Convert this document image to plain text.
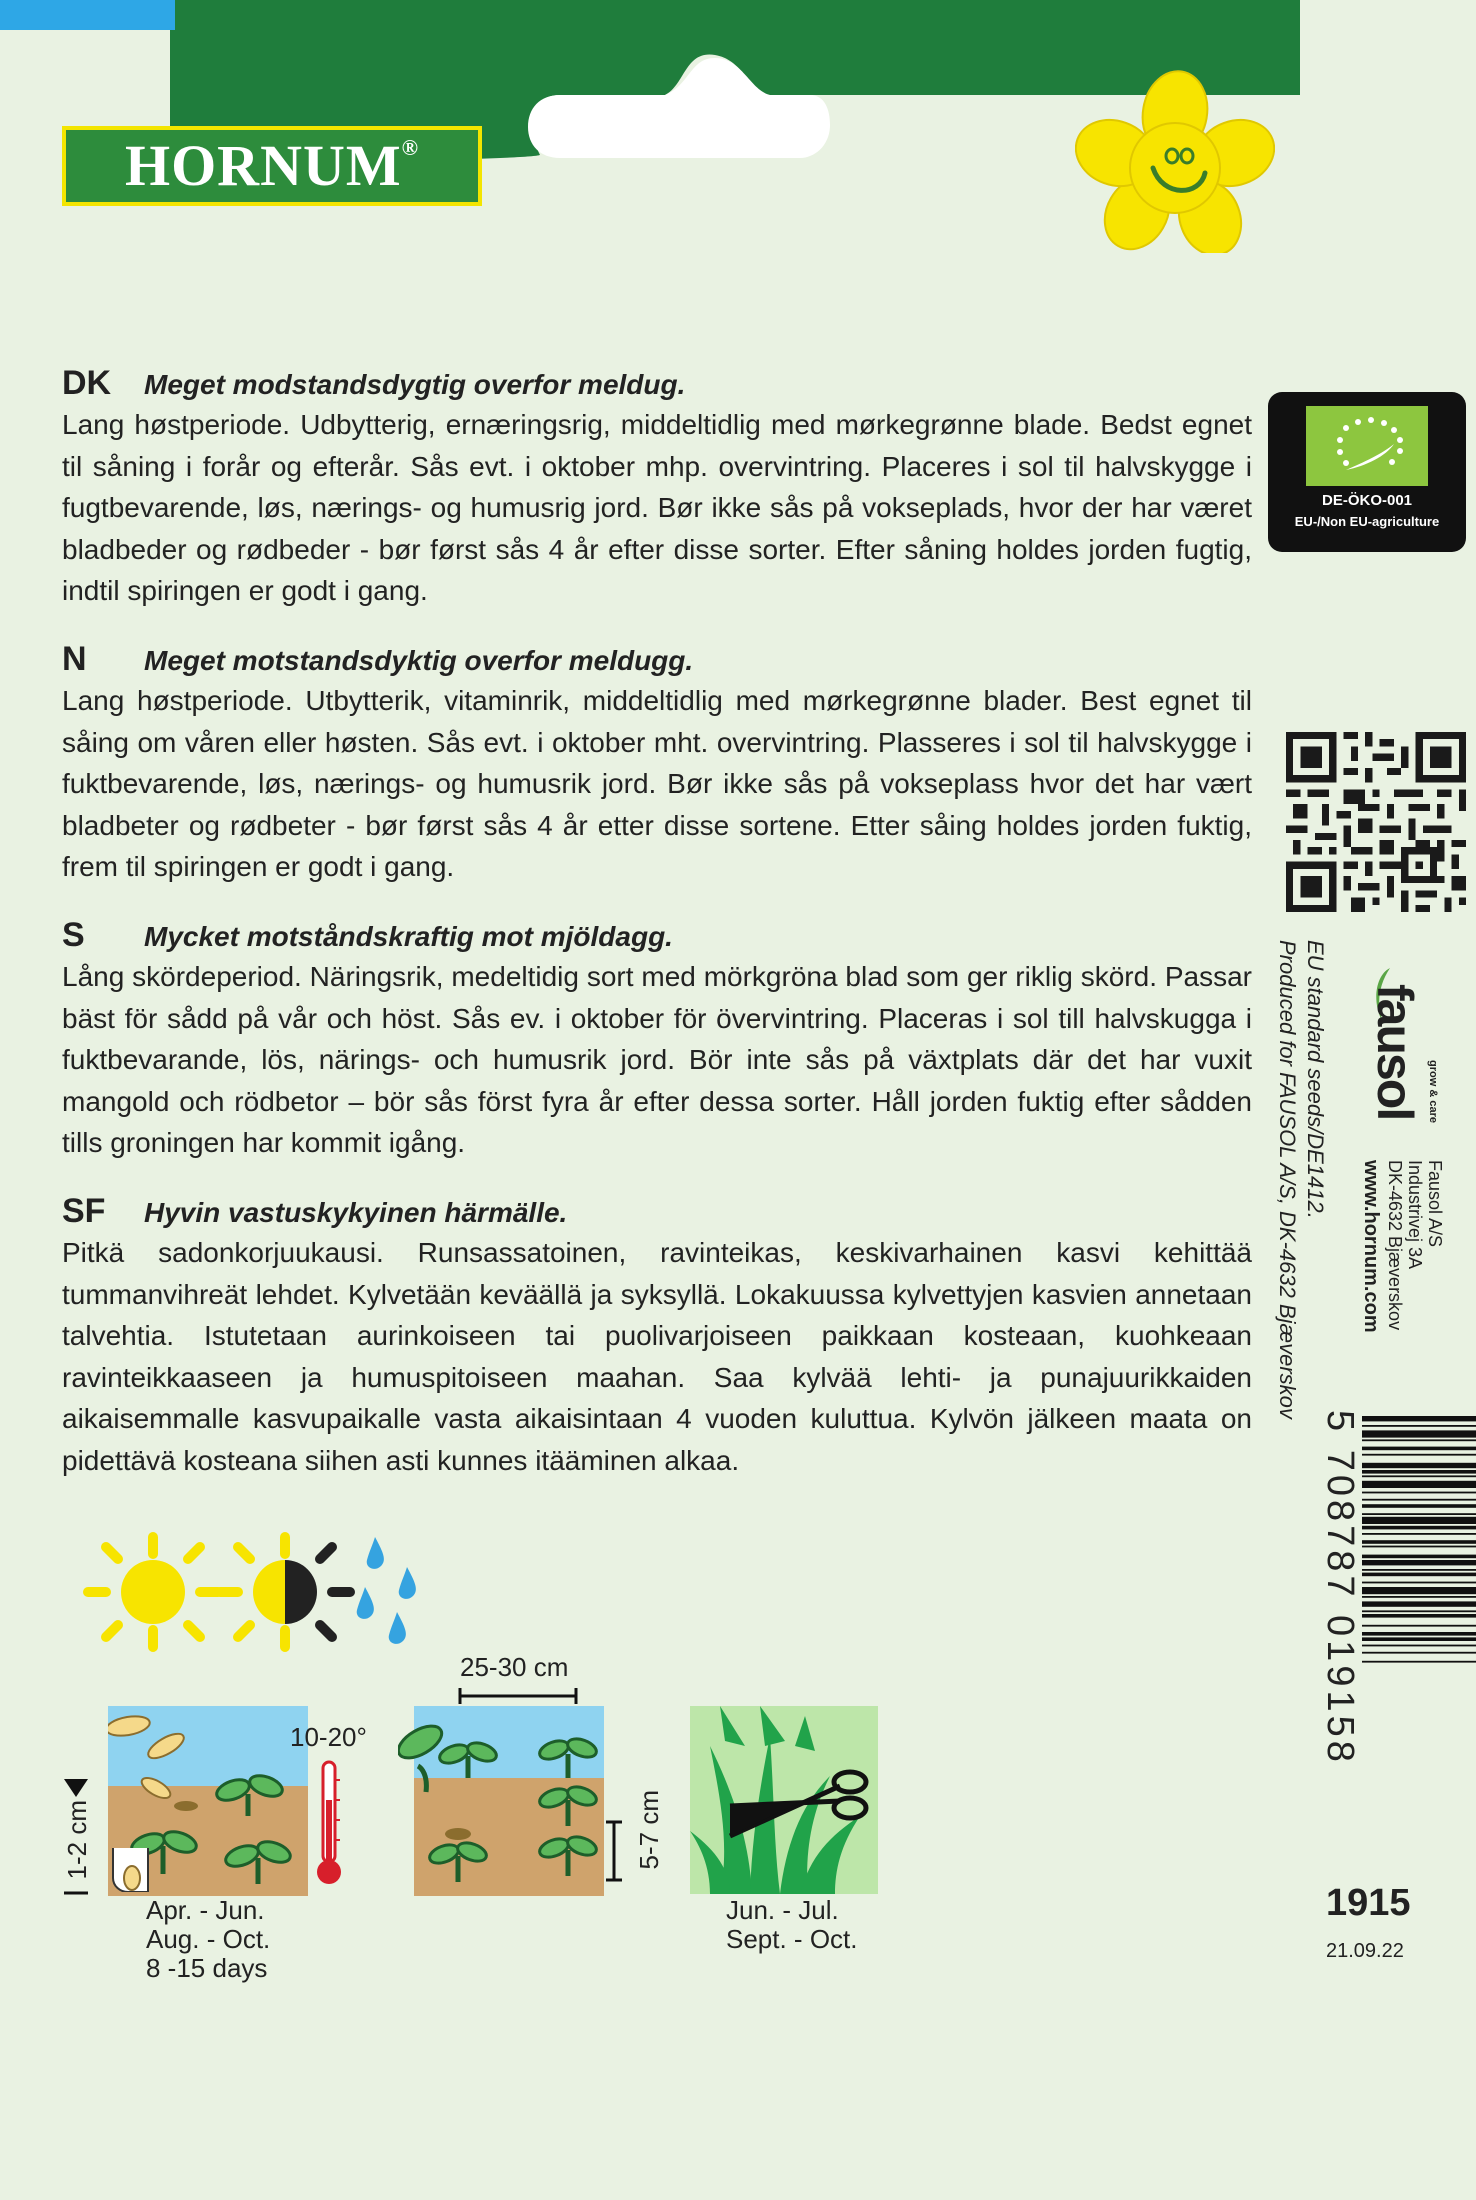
HORNUM®
DK	Meget modstandsdygtig overfor meldug.
Lang høstperiode. Udbytterig, ernæringsrig, middeltidlig med mørkegrønne blade. Bedst egnet til såning i forår og efterår. Sås evt. i oktober mhp. overvintring. Placeres i sol til halvskygge i fugtbevarende, løs, nærings- og humusrig jord. Bør ikke sås på vokseplads, hvor der har været bladbeder og rødbeder - bør først sås 4 år efter disse sorter. Efter såning holdes jorden fugtig, indtil spiringen er godt i gang.
N	Meget motstandsdyktig overfor meldugg.
Lang høstperiode. Utbytterik, vitaminrik, middeltidlig med mørkegrønne blader. Best egnet til såing om våren eller høsten. Sås evt. i oktober mht. overvintring. Plasseres i sol til halvskygge i fuktbevarende, løs, nærings- og humusrik jord. Bør ikke sås på vokseplass hvor det har vært bladbeter og rødbeter - bør først sås 4 år etter disse sortene. Etter såing holdes jorden fuktig, frem til spiringen er godt i gang.
S	Mycket motståndskraftig mot mjöldagg.
Lång skördeperiod. Näringsrik, medeltidig sort med mörkgröna blad som ger riklig skörd. Passar bäst för sådd på vår och höst. Sås ev. i oktober för övervintring. Placeras i sol till halvskugga i fuktbevarande, lös, närings- och humusrik jord. Bör inte sås på växtplats där det har vuxit mangold och rödbetor – bör sås först fyra år efter dessa sorter. Håll jorden fuktig efter sådden tills groningen har kommit igång.
SF	Hyvin vastuskykyinen härmälle.
Pitkä sadonkorjuukausi. Runsassatoinen, ravinteikas, keskivarhainen kasvi kehittää tummanvihreät lehdet. Kylvetään keväällä ja syksyllä. Lokakuussa kylvettyjen kasvien annetaan talvehtia. Istutetaan aurinkoiseen tai puolivarjoiseen paikkaan kosteaan, kuohkeaan ravinteikkaaseen ja humuspitoiseen maahan. Saa kylvää lehti- ja punajuurikkaiden aikaisemmalle kasvupaikalle vasta aikaisintaan 4 vuoden kuluttua. Kylvön jälkeen maata on pidettävä kosteana siihen asti kunnes itääminen alkaa.
DE-ÖKO-001
EU-/Non EU-agriculture
Produced for FAUSOL A/S, DK-4632 Bjæverskov EU standard seeds/DE1412. fausol grow & care
www.hornum.com DK-4632 Bjæverskov Industrivej 3A Fausol A/S
5 708787 019158
1915
21.09.22
1-2 cm
10-20°
25-30 cm
5-7 cm
Apr. - Jun.
Aug. - Oct.
8 -15 days
Jun. - Jul.
Sept. - Oct.
